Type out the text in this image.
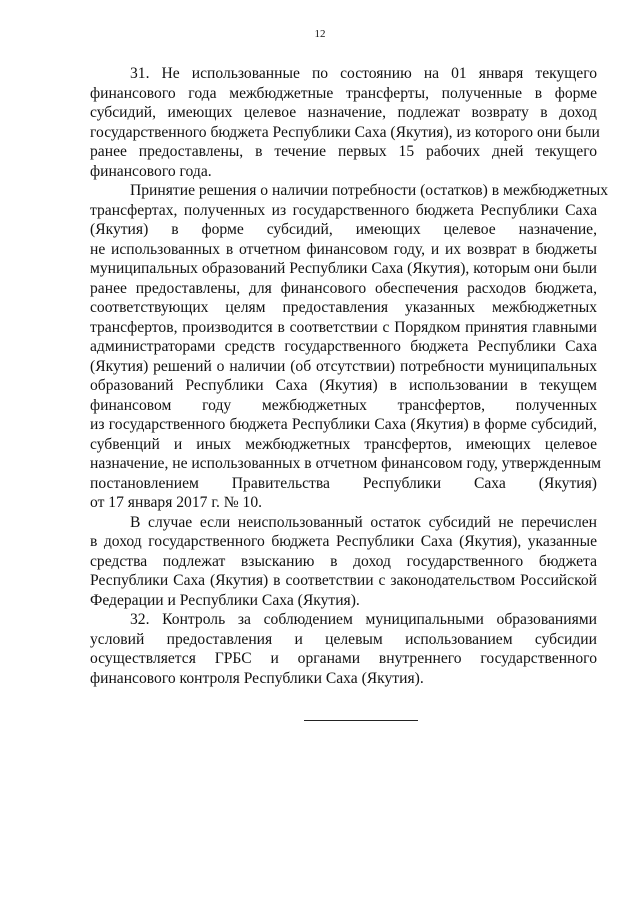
12
31. Не использованные по состоянию на 01 января текущего
финансового года межбюджетные трансферты, полученные в форме
субсидий, имеющих целевое назначение, подлежат возврату в доход
государственного бюджета Республики Саха (Якутия), из которого они были
ранее предоставлены, в течение первых 15 рабочих дней текущего
финансового года.
Принятие решения о наличии потребности (остатков) в межбюджетных
трансфертах, полученных из государственного бюджета Республики Саха
(Якутия) в форме субсидий, имеющих целевое назначение,
не использованных в отчетном финансовом году, и их возврат в бюджеты
муниципальных образований Республики Саха (Якутия), которым они были
ранее предоставлены, для финансового обеспечения расходов бюджета,
соответствующих целям предоставления указанных межбюджетных
трансфертов, производится в соответствии с Порядком принятия главными
администраторами средств государственного бюджета Республики Саха
(Якутия) решений о наличии (об отсутствии) потребности муниципальных
образований Республики Саха (Якутия) в использовании в текущем
финансовом году межбюджетных трансфертов, полученных
из государственного бюджета Республики Саха (Якутия) в форме субсидий,
субвенций и иных межбюджетных трансфертов, имеющих целевое
назначение, не использованных в отчетном финансовом году, утвержденным
постановлением Правительства Республики Саха (Якутия)
от 17 января 2017 г. № 10.
В случае если неиспользованный остаток субсидий не перечислен
в доход государственного бюджета Республики Саха (Якутия), указанные
средства подлежат взысканию в доход государственного бюджета
Республики Саха (Якутия) в соответствии с законодательством Российской
Федерации и Республики Саха (Якутия).
32. Контроль за соблюдением муниципальными образованиями
условий предоставления и целевым использованием субсидии
осуществляется ГРБС и органами внутреннего государственного
финансового контроля Республики Саха (Якутия).
